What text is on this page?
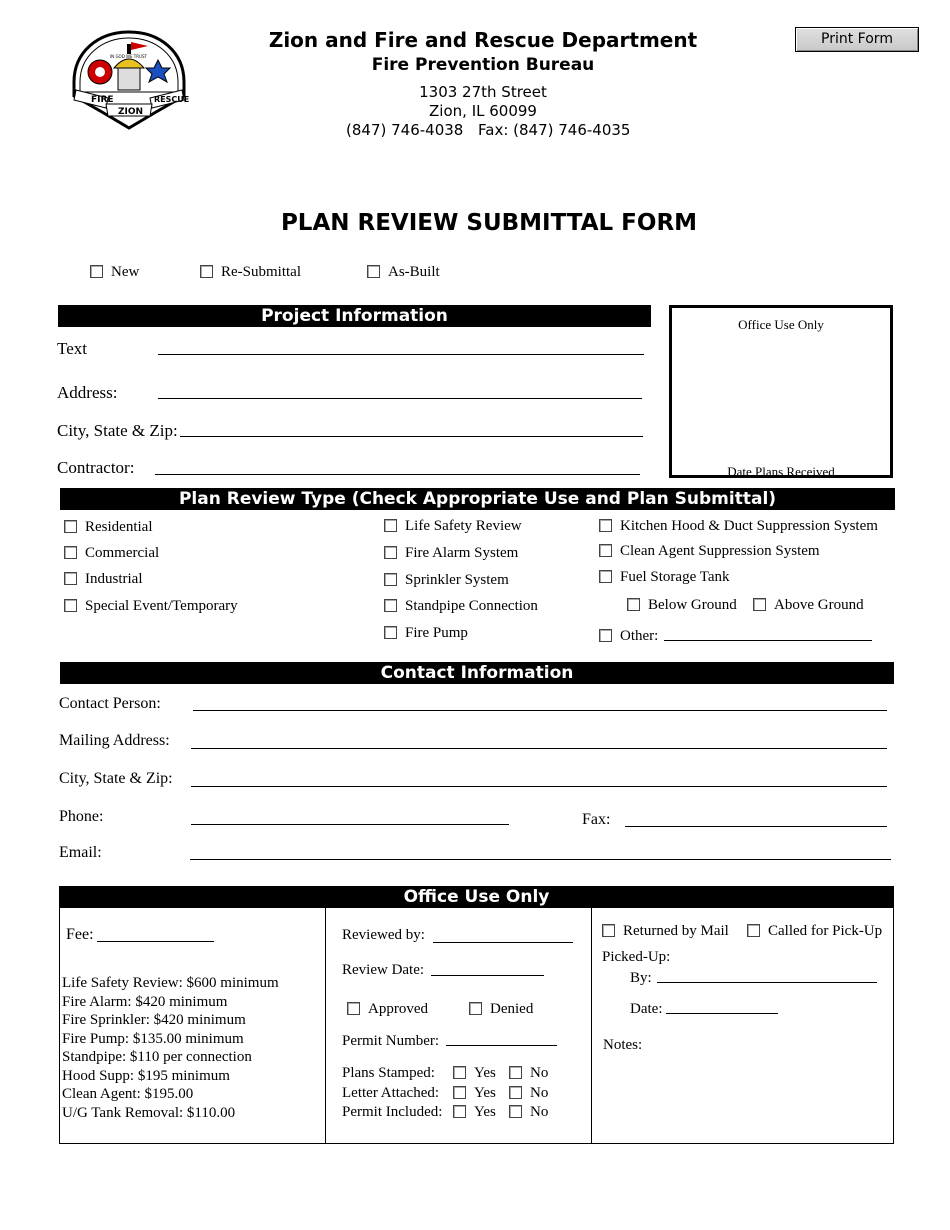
FIRE	RESCUE
ZION
IN GOD WE TRUST
Zion and Fire and Rescue Department
Fire Prevention Bureau
1303 27th Street
Zion, IL 60099
(847) 746-4038 Fax: (847) 746-4035
Print Form
PLAN REVIEW SUBMITTAL FORM
New	Re-Submittal	As-Built
Project Information
Text
Address:
City, State & Zip:
Contractor:
Office Use Only
Date Plans Received
Plan Review Type (Check Appropriate Use and Plan Submittal)
Residential
Commercial
Industrial
Special Event/Temporary
Life Safety Review
Fire Alarm System
Sprinkler System
Standpipe Connection
Fire Pump
Kitchen Hood & Duct Suppression System
Clean Agent Suppression System
Fuel Storage Tank
Below Ground	Above Ground
Other:
Contact Information
Contact Person:
Mailing Address:
City, State & Zip:
Phone:	Fax:
Email:
Office Use Only
Fee:
Life Safety Review: $600 minimum
Fire Alarm: $420 minimum
Fire Sprinkler: $420 minimum
Fire Pump: $135.00 minimum
Standpipe: $110 per connection
Hood Supp: $195 minimum
Clean Agent: $195.00
U/G Tank Removal: $110.00
Reviewed by:
Review Date:
Approved	Denied
Permit Number:
Plans Stamped:	Yes	No
Letter Attached:	Yes	No
Permit Included:	Yes	No
Returned by Mail	Called for Pick-Up
Picked-Up:
By:
Date:
Notes:
